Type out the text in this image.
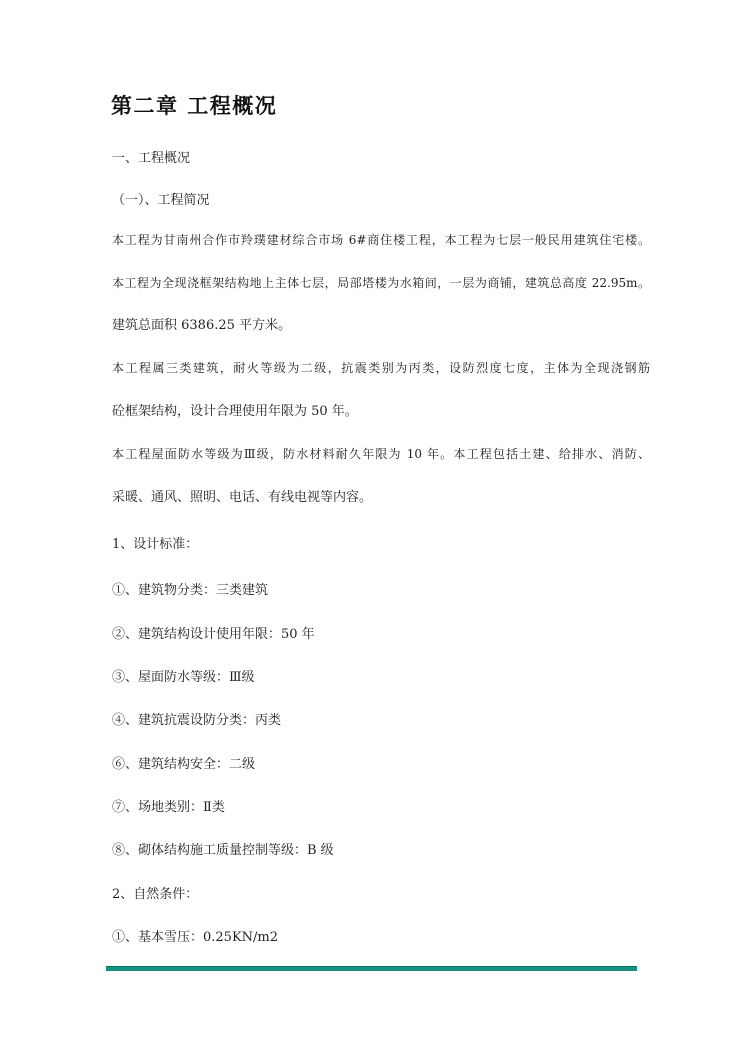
第二章 工程概况
一、工程概况
（一）、工程简况
本工程为甘南州合作市羚璞建材综合市场 6#商住楼工程，本工程为七层一般民用建筑住宅楼。
本工程为全现浇框架结构地上主体七层，局部塔楼为水箱间，一层为商铺，建筑总高度 22.95m。
建筑总面积 6386.25 平方米。
本工程属三类建筑，耐火等级为二级，抗震类别为丙类，设防烈度七度，主体为全现浇钢筋
砼框架结构，设计合理使用年限为 50 年。
本工程屋面防水等级为Ⅲ级，防水材料耐久年限为 10 年。本工程包括土建、给排水、消防、
采暖、通风、照明、电话、有线电视等内容。
1、设计标准：
①、建筑物分类：三类建筑
②、建筑结构设计使用年限：50 年
③、屋面防水等级：Ⅲ级
④、建筑抗震设防分类：丙类
⑥、建筑结构安全：二级
⑦、场地类别：Ⅱ类
⑧、砌体结构施工质量控制等级：B 级
2、自然条件：
①、基本雪压：0.25KN/m2
